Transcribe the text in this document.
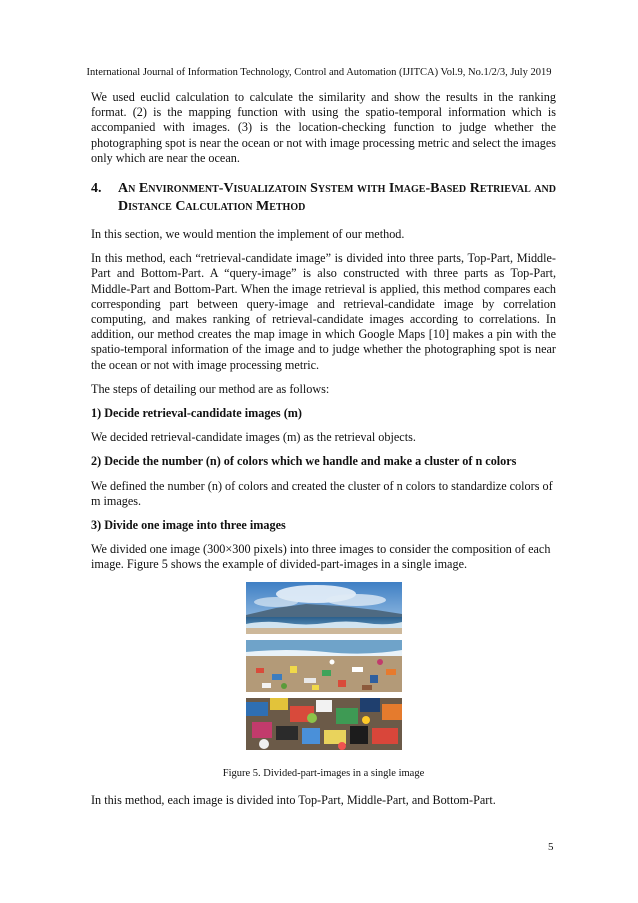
International Journal of Information Technology, Control and Automation (IJITCA) Vol.9, No.1/2/3, July 2019

We used euclid calculation to calculate the similarity and show the results in the ranking format. (2) is the mapping function with using the spatio-temporal information which is accompanied with images. (3) is the location-checking function to judge whether the photographing spot is near the ocean or not with image processing metric and select the images only which are near the ocean.

4.	An Environment-Visualizatoin System with Image-Based Retrieval and Distance Calculation Method

In this section, we would mention the implement of our method.

In this method, each “retrieval-candidate image” is divided into three parts, Top-Part, Middle-Part and Bottom-Part. A “query-image” is also constructed with three parts as Top-Part, Middle-Part and Bottom-Part. When the image retrieval is applied, this method compares each corresponding part between query-image and retrieval-candidate image by correlation computing, and makes ranking of retrieval-candidate images according to correlations. In addition, our method creates the map image in which Google Maps [10] makes a pin with the spatio-temporal information of the image and to judge whether the photographing spot is near the ocean or not with image processing metric.

The steps of detailing our method are as follows:

1) Decide retrieval-candidate images (m)

We decided retrieval-candidate images (m) as the retrieval objects.

2) Decide the number (n) of colors which we handle and make a cluster of n colors

We defined the number (n) of colors and created the cluster of n colors to standardize colors of m images.

3) Divide one image into three images

We divided one image (300×300 pixels) into three images to consider the composition of each image. Figure 5 shows the example of divided-part-images in a single image.

Figure 5. Divided-part-images in a single image

In this method, each image is divided into Top-Part, Middle-Part, and Bottom-Part.

5
